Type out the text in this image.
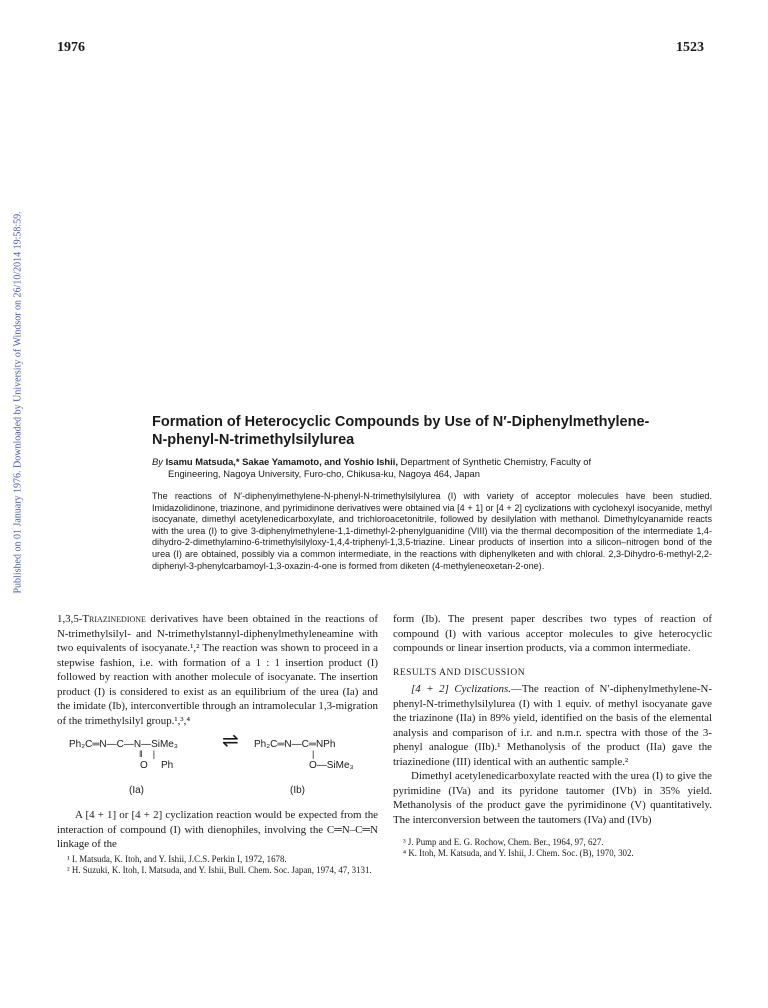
1976	1523
Published on 01 January 1976. Downloaded by University of Windsor on 26/10/2014 19:58:59.	Formation of Heterocyclic Compounds by Use of N′-Diphenylmethylene-
N-phenyl-N-trimethylsilylurea
By Isamu Matsuda,* Sakae Yamamoto, and Yoshio Ishii, Department of Synthetic Chemistry, Faculty of
Engineering, Nagoya University, Furo-cho, Chikusa-ku, Nagoya 464, Japan
The reactions of N′-diphenylmethylene-N-phenyl-N-trimethylsilylurea (I) with variety of acceptor molecules have been studied. Imidazolidinone, triazinone, and pyrimidinone derivatives were obtained via [4 + 1] or [4 + 2] cyclizations with cyclohexyl isocyanide, methyl isocyanate, dimethyl acetylenedicarboxylate, and trichloroacetonitrile, followed by desilylation with methanol. Dimethylcyanamide reacts with the urea (I) to give 3-diphenylmethylene-1,1-dimethyl-2-phenylguanidine (VIII) via the thermal decomposition of the intermediate 1,4-dihydro-2-dimethylamino-6-trimethylsilyloxy-1,4,4-triphenyl-1,3,5-triazine. Linear products of insertion into a silicon–nitrogen bond of the urea (I) are obtained, possibly via a common intermediate, in the reactions with diphenylketen and with chloral. 2,3-Dihydro-6-methyl-2,2-diphenyl-3-phenylcarbamoyl-1,3-oxazin-4-one is formed from diketen (4-methyleneoxetan-2-one).

1,3,5-Triazinedione derivatives have been obtained in the reactions of N-trimethylsilyl- and N-trimethylstannyl-diphenylmethyleneamine with two equivalents of isocyanate.¹,² The reaction was shown to proceed in a stepwise fashion, i.e. with formation of a 1 : 1 insertion product (I) followed by reaction with another molecule of isocyanate. The insertion product (I) is considered to exist as an equilibrium of the urea (Ia) and the imidate (Ib), interconvertible through an intramolecular 1,3-migration of the trimethylsilyl group.¹,³,⁴

Ph₂C═N—C—N—SiMe₃
‖    |
O Ph
⇌ Ph₂C═N—C═NPh
|
O—SiMe₃
(Ia)	(Ib)

A [4 + 1] or [4 + 2] cyclization reaction would be expected from the interaction of compound (I) with dienophiles, involving the C═N–C═N linkage of the

¹ I. Matsuda, K. Itoh, and Y. Ishii, J.C.S. Perkin I, 1972, 1678.

² H. Suzuki, K. Itoh, I. Matsuda, and Y. Ishii, Bull. Chem. Soc. Japan, 1974, 47, 3131.

form (Ib). The present paper describes two types of reaction of compound (I) with various acceptor molecules to give heterocyclic compounds or linear insertion products, via a common intermediate.

RESULTS AND DISCUSSION

[4 + 2] Cyclizations.—The reaction of N′-diphenylmethylene-N-phenyl-N-trimethylsilylurea (I) with 1 equiv. of methyl isocyanate gave the triazinone (IIa) in 89% yield, identified on the basis of the elemental analysis and comparison of i.r. and n.m.r. spectra with those of the 3-phenyl analogue (IIb).¹ Methanolysis of the product (IIa) gave the triazinedione (III) identical with an authentic sample.²

Dimethyl acetylenedicarboxylate reacted with the urea (I) to give the pyrimidine (IVa) and its pyridone tautomer (IVb) in 35% yield. Methanolysis of the product gave the pyrimidinone (V) quantitatively. The interconversion between the tautomers (IVa) and (IVb)

³ J. Pump and E. G. Rochow, Chem. Ber., 1964, 97, 627.

⁴ K. Itoh, M. Katsuda, and Y. Ishii, J. Chem. Soc. (B), 1970, 302.
